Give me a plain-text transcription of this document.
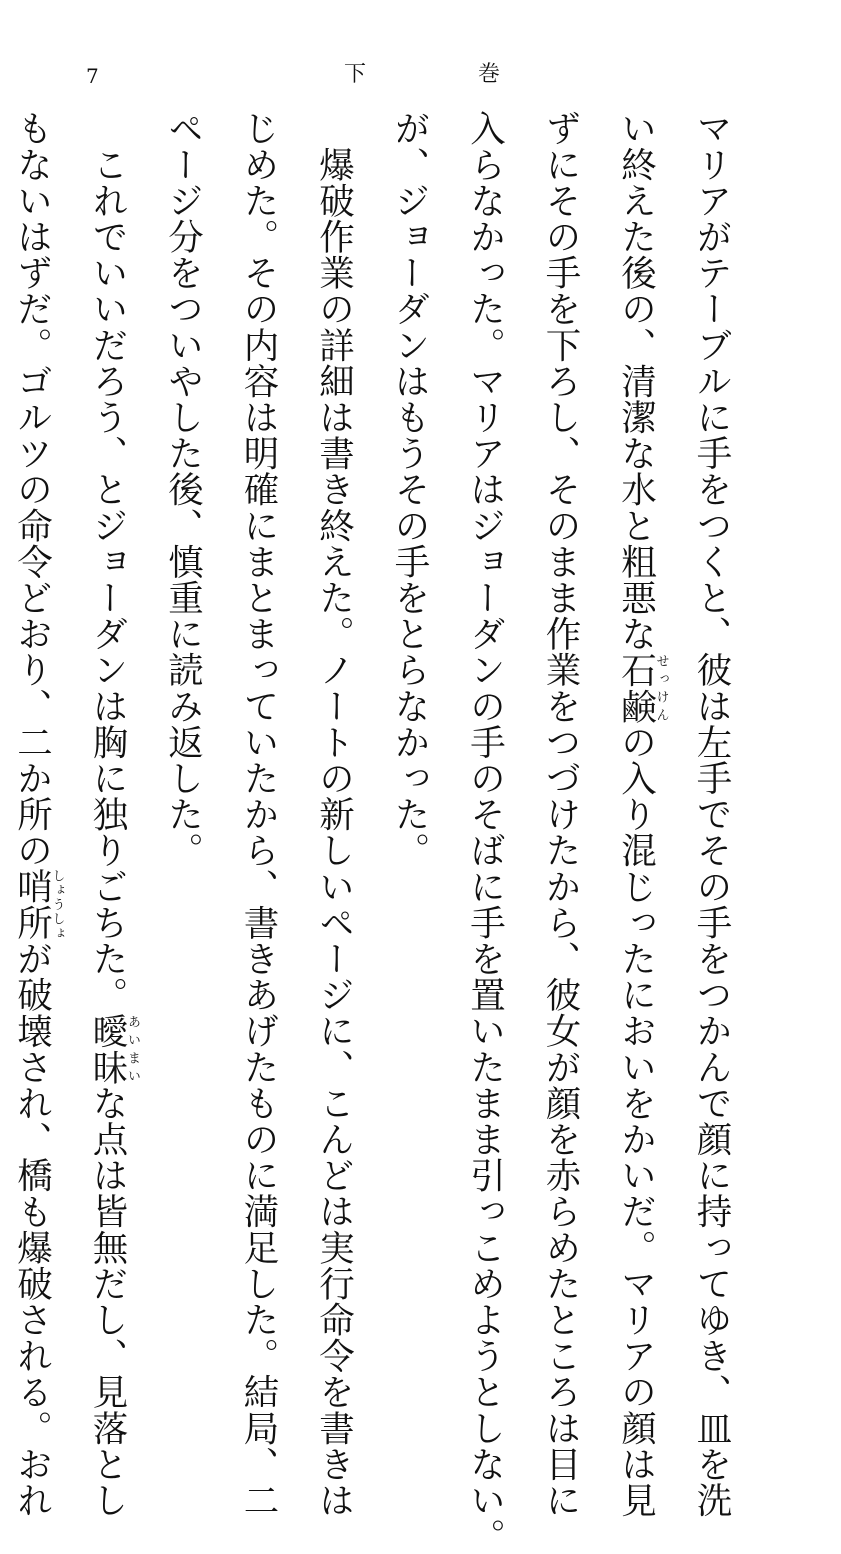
7	下巻
マリアがテーブルに手をつくと、彼は左手でその手をつかんで顔に持ってゆき、皿を洗
い終えた後の、清潔な水と粗悪な石鹸せっけんの入り混じったにおいをかいだ。マリアの顔は見
ずにその手を下ろし、そのまま作業をつづけたから、彼女が顔を赤らめたところは目に
入らなかった。マリアはジョーダンの手のそばに手を置いたまま引っこめようとしない。
が、ジョーダンはもうその手をとらなかった。
　爆破作業の詳細は書き終えた。ノートの新しいページに、こんどは実行命令を書きは
じめた。その内容は明確にまとまっていたから、書きあげたものに満足した。結局、二
ページ分をついやした後、慎重に読み返した。
　これでいいだろう、とジョーダンは胸に独りごちた。曖昧あいまいな点は皆無だし、見落とし
もないはずだ。ゴルツの命令どおり、二か所の哨所しょうしょが破壊され、橋も爆破される。おれ
